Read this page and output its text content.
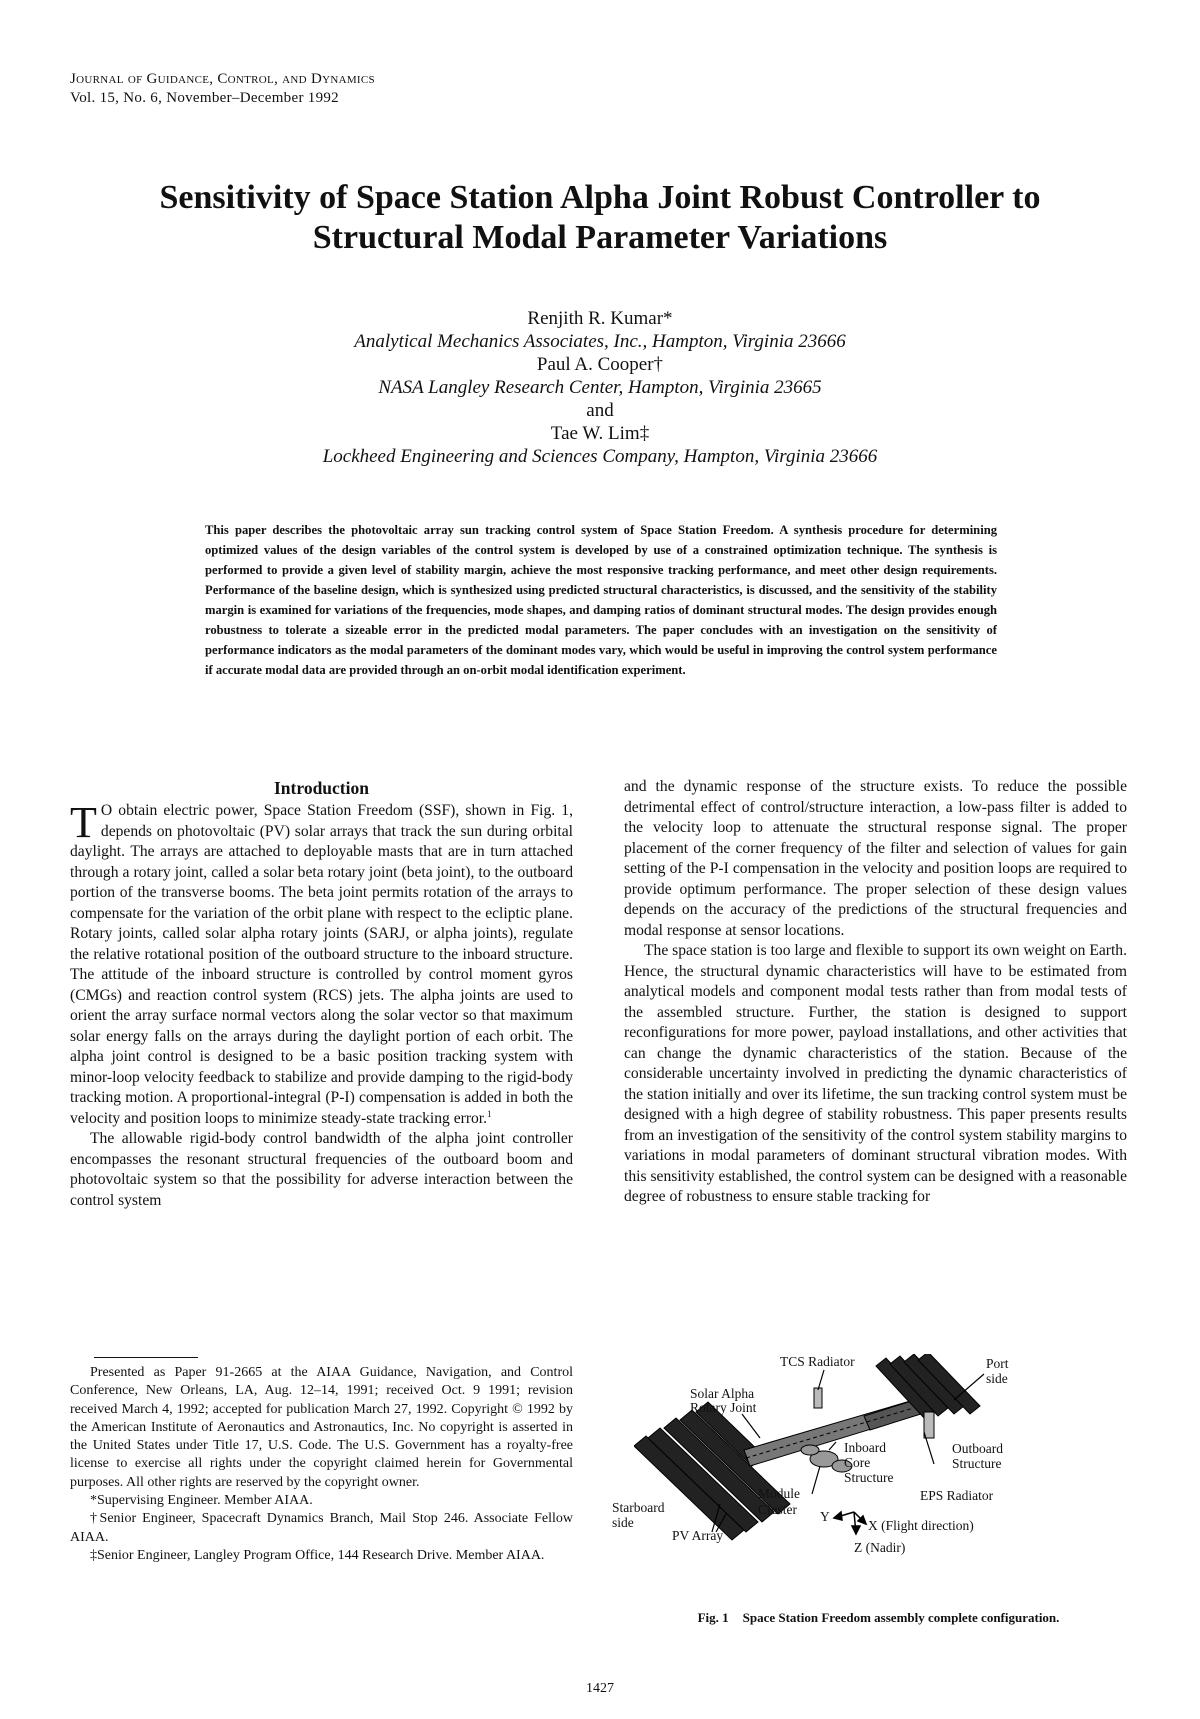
Journal of Guidance, Control, and Dynamics
Vol. 15, No. 6, November–December 1992
Sensitivity of Space Station Alpha Joint Robust Controller to
Structural Modal Parameter Variations
Renjith R. Kumar*
Analytical Mechanics Associates, Inc., Hampton, Virginia 23666
Paul A. Cooper†
NASA Langley Research Center, Hampton, Virginia 23665
and
Tae W. Lim‡
Lockheed Engineering and Sciences Company, Hampton, Virginia 23666
This paper describes the photovoltaic array sun tracking control system of Space Station Freedom. A synthesis procedure for determining optimized values of the design variables of the control system is developed by use of a constrained optimization technique. The synthesis is performed to provide a given level of stability margin, achieve the most responsive tracking performance, and meet other design requirements. Performance of the baseline design, which is synthesized using predicted structural characteristics, is discussed, and the sensitivity of the stability margin is examined for variations of the frequencies, mode shapes, and damping ratios of dominant structural modes. The design provides enough robustness to tolerate a sizeable error in the predicted modal parameters. The paper concludes with an investigation on the sensitivity of performance indicators as the modal parameters of the dominant modes vary, which would be useful in improving the control system performance if accurate modal data are provided through an on-orbit modal identification experiment.
Introduction

T O obtain electric power, Space Station Freedom (SSF), shown in Fig. 1, depends on photovoltaic (PV) solar arrays that track the sun during orbital daylight. The arrays are attached to deployable masts that are in turn attached through a rotary joint, called a solar beta rotary joint (beta joint), to the outboard portion of the transverse booms. The beta joint permits rotation of the arrays to compensate for the variation of the orbit plane with respect to the ecliptic plane. Rotary joints, called solar alpha rotary joints (SARJ, or alpha joints), regulate the relative rotational position of the outboard structure to the inboard structure. The attitude of the inboard structure is controlled by control moment gyros (CMGs) and reaction control system (RCS) jets. The alpha joints are used to orient the array surface normal vectors along the solar vector so that maximum solar energy falls on the arrays during the daylight portion of each orbit. The alpha joint control is designed to be a basic position tracking system with minor-loop velocity feedback to stabilize and provide damping to the rigid-body tracking motion. A proportional-integral (P-I) compensation is added in both the velocity and position loops to minimize steady-state tracking error.$^1$

The allowable rigid-body control bandwidth of the alpha joint controller encompasses the resonant structural frequencies of the outboard boom and photovoltaic system so that the possibility for adverse interaction between the control system

and the dynamic response of the structure exists. To reduce the possible detrimental effect of control/structure interaction, a low-pass filter is added to the velocity loop to attenuate the structural response signal. The proper placement of the corner frequency of the filter and selection of values for gain setting of the P-I compensation in the velocity and position loops are required to provide optimum performance. The proper selection of these design values depends on the accuracy of the predictions of the structural frequencies and modal response at sensor locations.

The space station is too large and flexible to support its own weight on Earth. Hence, the structural dynamic characteristics will have to be estimated from analytical models and component modal tests rather than from modal tests of the assembled structure. Further, the station is designed to support reconfigurations for more power, payload installations, and other activities that can change the dynamic characteristics of the station. Because of the considerable uncertainty involved in predicting the dynamic characteristics of the station initially and over its lifetime, the sun tracking control system must be designed with a high degree of stability robustness. This paper presents results from an investigation of the sensitivity of the control system stability margins to variations in modal parameters of dominant structural vibration modes. With this sensitivity established, the control system can be designed with a reasonable degree of robustness to ensure stable tracking for

Presented as Paper 91-2665 at the AIAA Guidance, Navigation, and Control Conference, New Orleans, LA, Aug. 12–14, 1991; received Oct. 9 1991; revision received March 4, 1992; accepted for publication March 27, 1992. Copyright © 1992 by the American Institute of Aeronautics and Astronautics, Inc. No copyright is asserted in the United States under Title 17, U.S. Code. The U.S. Government has a royalty-free license to exercise all rights under the copyright claimed herein for Governmental purposes. All other rights are reserved by the copyright owner.

*Supervising Engineer. Member AIAA.

†Senior Engineer, Spacecraft Dynamics Branch, Mail Stop 246. Associate Fellow AIAA.

‡Senior Engineer, Langley Program Office, 144 Research Drive. Member AIAA.

TCS Radiator	Port
side
Solar Alpha
Rotary Joint
Inboard
Core
Structure
Outboard
Structure
EPS Radiator
Module
Cluster
Starboard
side
PV Array
Y
X (Flight direction)
Z (Nadir)
Fig. 1 Space Station Freedom assembly complete configuration.
1427
